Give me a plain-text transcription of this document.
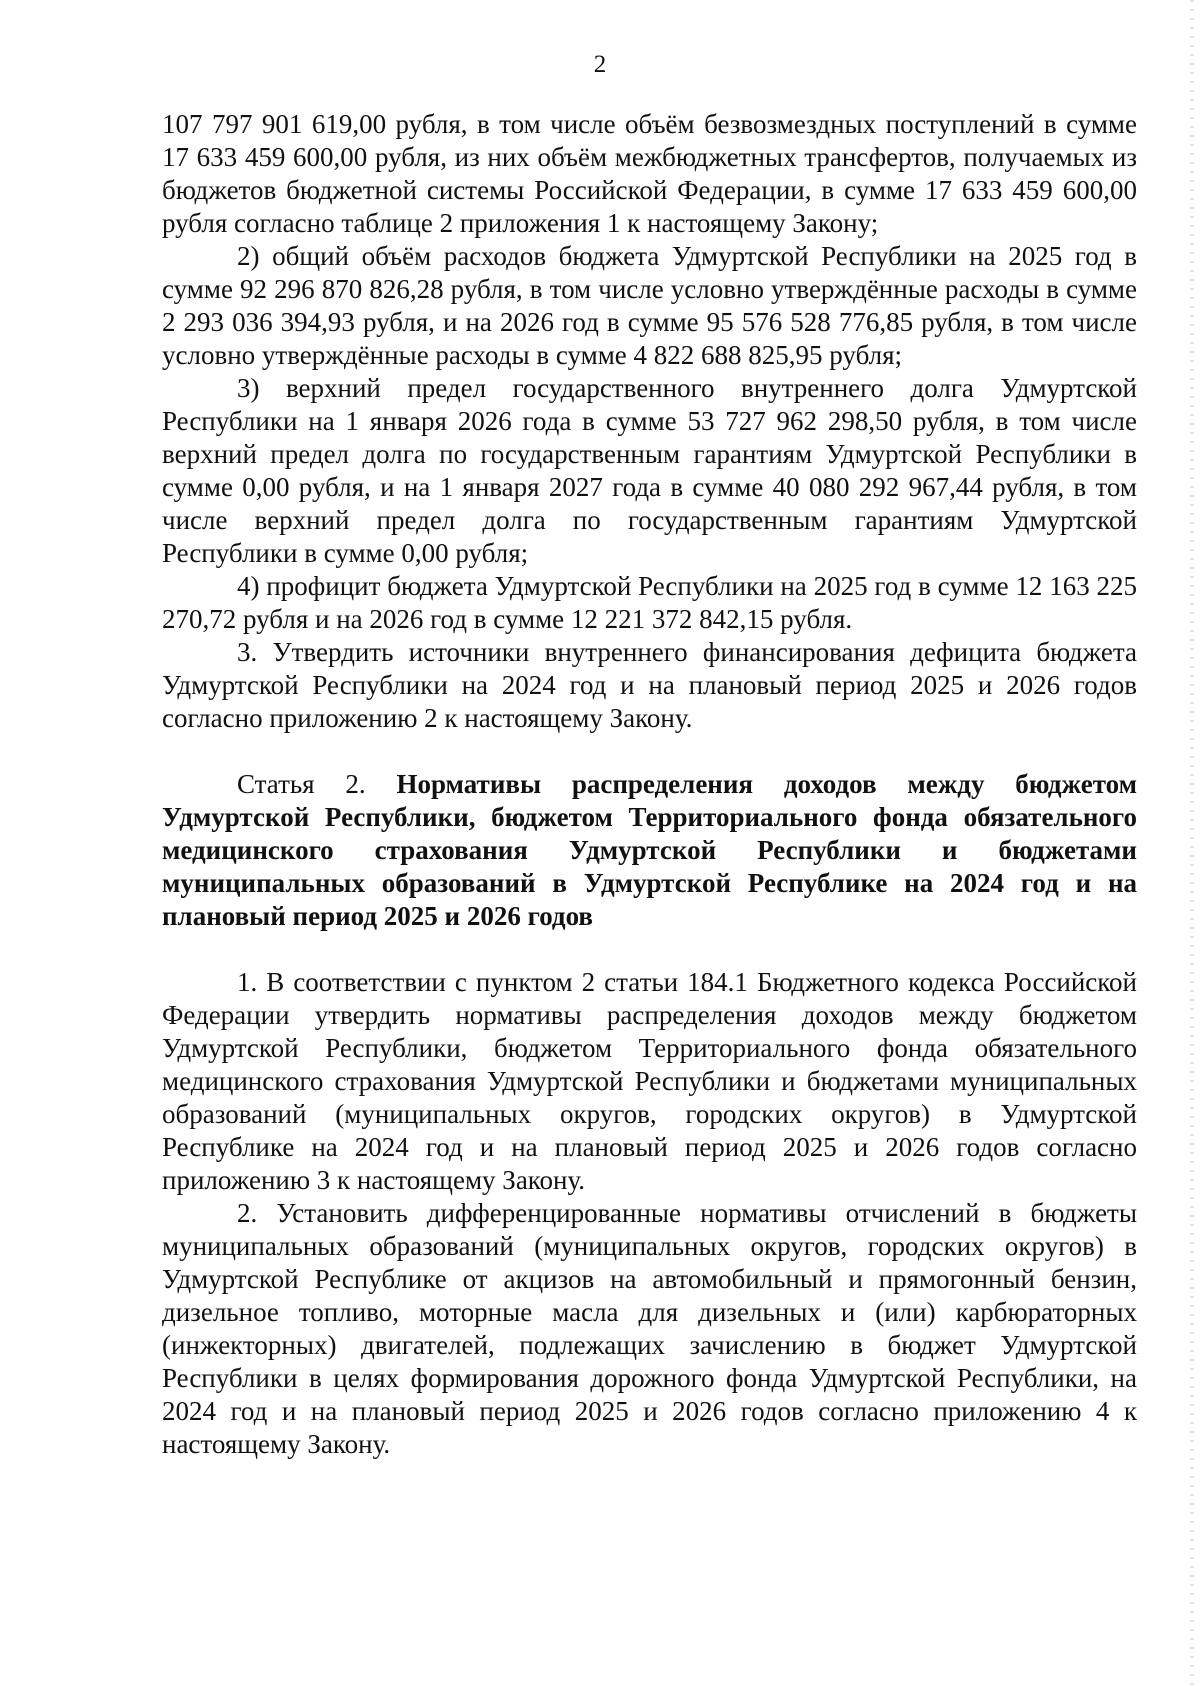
2

107 797 901 619,00 рубля, в том числе объём безвозмездных поступлений в сумме 17 633 459 600,00 рубля, из них объём межбюджетных трансфертов, получаемых из бюджетов бюджетной системы Российской Федерации, в сумме 17 633 459 600,00 рубля согласно таблице 2 приложения 1 к настоящему Закону;

2) общий объём расходов бюджета Удмуртской Республики на 2025 год в сумме 92 296 870 826,28 рубля, в том числе условно утверждённые расходы в сумме 2 293 036 394,93 рубля, и на 2026 год в сумме 95 576 528 776,85 рубля, в том числе условно утверждённые расходы в сумме 4 822 688 825,95 рубля;

3) верхний предел государственного внутреннего долга Удмуртской Республики на 1 января 2026 года в сумме 53 727 962 298,50 рубля, в том числе верхний предел долга по государственным гарантиям Удмуртской Республики в сумме 0,00 рубля, и на 1 января 2027 года в сумме 40 080 292 967,44 рубля, в том числе верхний предел долга по государственным гарантиям Удмуртской Республики в сумме 0,00 рубля;

4) профицит бюджета Удмуртской Республики на 2025 год в сумме 12 163 225 270,72 рубля и на 2026 год в сумме 12 221 372 842,15 рубля.

3. Утвердить источники внутреннего финансирования дефицита бюджета Удмуртской Республики на 2024 год и на плановый период 2025 и 2026 годов согласно приложению 2 к настоящему Закону.

Статья 2. Нормативы распределения доходов между бюджетом Удмуртской Республики, бюджетом Территориального фонда обязательного медицинского страхования Удмуртской Республики и бюджетами муниципальных образований в Удмуртской Республике на 2024 год и на плановый период 2025 и 2026 годов

1. В соответствии с пунктом 2 статьи 184.1 Бюджетного кодекса Российской Федерации утвердить нормативы распределения доходов между бюджетом Удмуртской Республики, бюджетом Территориального фонда обязательного медицинского страхования Удмуртской Республики и бюджетами муниципальных образований (муниципальных округов, городских округов) в Удмуртской Республике на 2024 год и на плановый период 2025 и 2026 годов согласно приложению 3 к настоящему Закону.

2. Установить дифференцированные нормативы отчислений в бюджеты муниципальных образований (муниципальных округов, городских округов) в Удмуртской Республике от акцизов на автомобильный и прямогонный бензин, дизельное топливо, моторные масла для дизельных и (или) карбюраторных (инжекторных) двигателей, подлежащих зачислению в бюджет Удмуртской Республики в целях формирования дорожного фонда Удмуртской Республики, на 2024 год и на плановый период 2025 и 2026 годов согласно приложению 4 к настоящему Закону.
